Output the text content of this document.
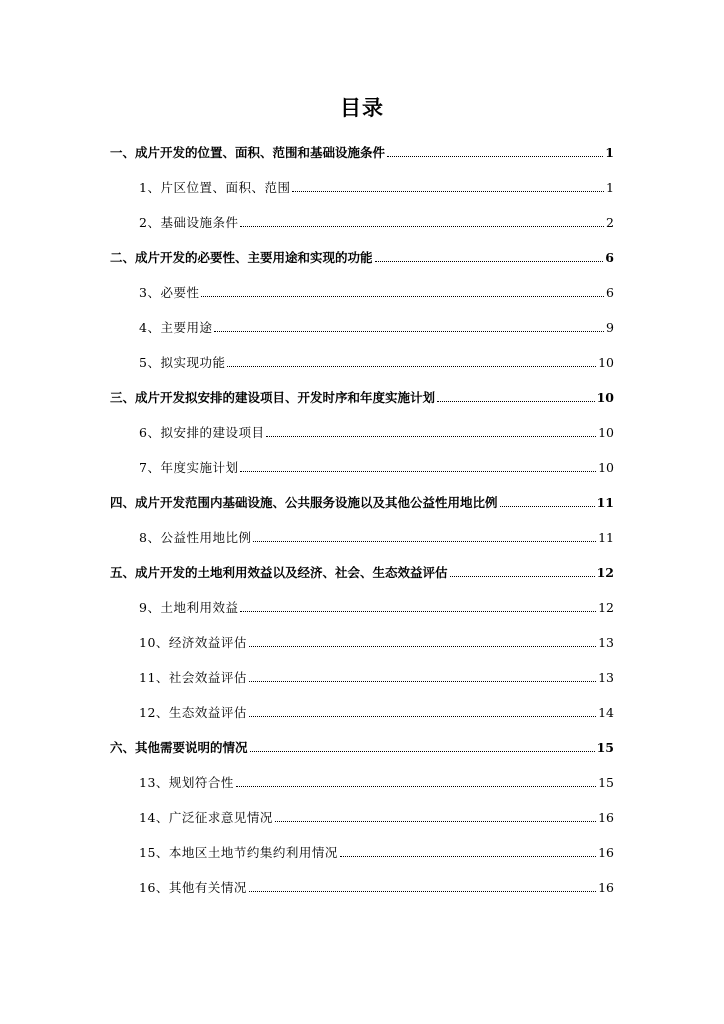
目录
一、成片开发的位置、面积、范围和基础设施条件	1
1、片区位置、面积、范围	1
2、基础设施条件	2
二、成片开发的必要性、主要用途和实现的功能	6
3、必要性	6
4、主要用途	9
5、拟实现功能	10
三、成片开发拟安排的建设项目、开发时序和年度实施计划	10
6、拟安排的建设项目	10
7、年度实施计划	10
四、成片开发范围内基础设施、公共服务设施以及其他公益性用地比例	11
8、公益性用地比例	11
五、成片开发的土地利用效益以及经济、社会、生态效益评估	12
9、土地利用效益	12
10、经济效益评估	13
11、社会效益评估	13
12、生态效益评估	14
六、其他需要说明的情况	15
13、规划符合性	15
14、广泛征求意见情况	16
15、本地区土地节约集约利用情况	16
16、其他有关情况	16
